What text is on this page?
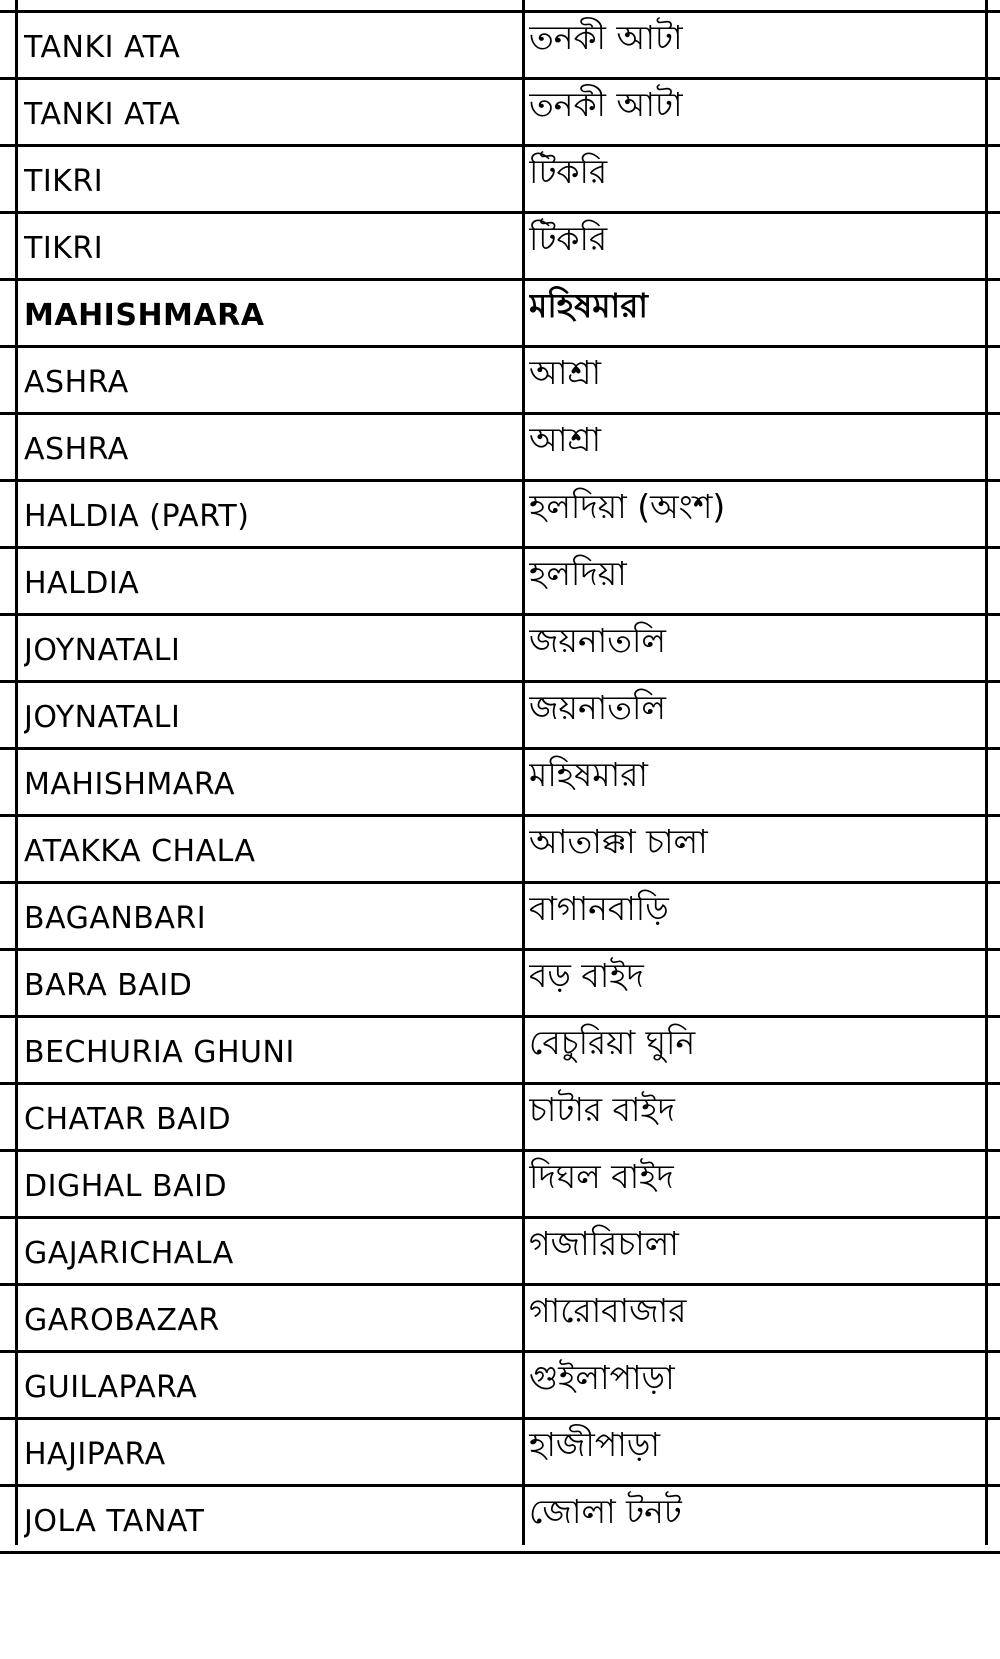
TANKI ATA	তনকী আটা
TANKI ATA	তনকী আটা
TIKRI	টিকরি
TIKRI	টিকরি
MAHISHMARA	মহিষমারা
ASHRA	আশ্রা
ASHRA	আশ্রা
HALDIA (PART)	হলদিয়া (অংশ)
HALDIA	হলদিয়া
JOYNATALI	জয়নাতলি
JOYNATALI	জয়নাতলি
MAHISHMARA	মহিষমারা
ATAKKA CHALA	আতাক্কা চালা
BAGANBARI	বাগানবাড়ি
BARA BAID	বড় বাইদ
BECHURIA GHUNI	বেচুরিয়া ঘুনি
CHATAR BAID	চাটার বাইদ
DIGHAL BAID	দিঘল বাইদ
GAJARICHALA	গজারিচালা
GAROBAZAR	গারোবাজার
GUILAPARA	গুইলাপাড়া
HAJIPARA	হাজীপাড়া
JOLA TANAT	জোলা টনট
